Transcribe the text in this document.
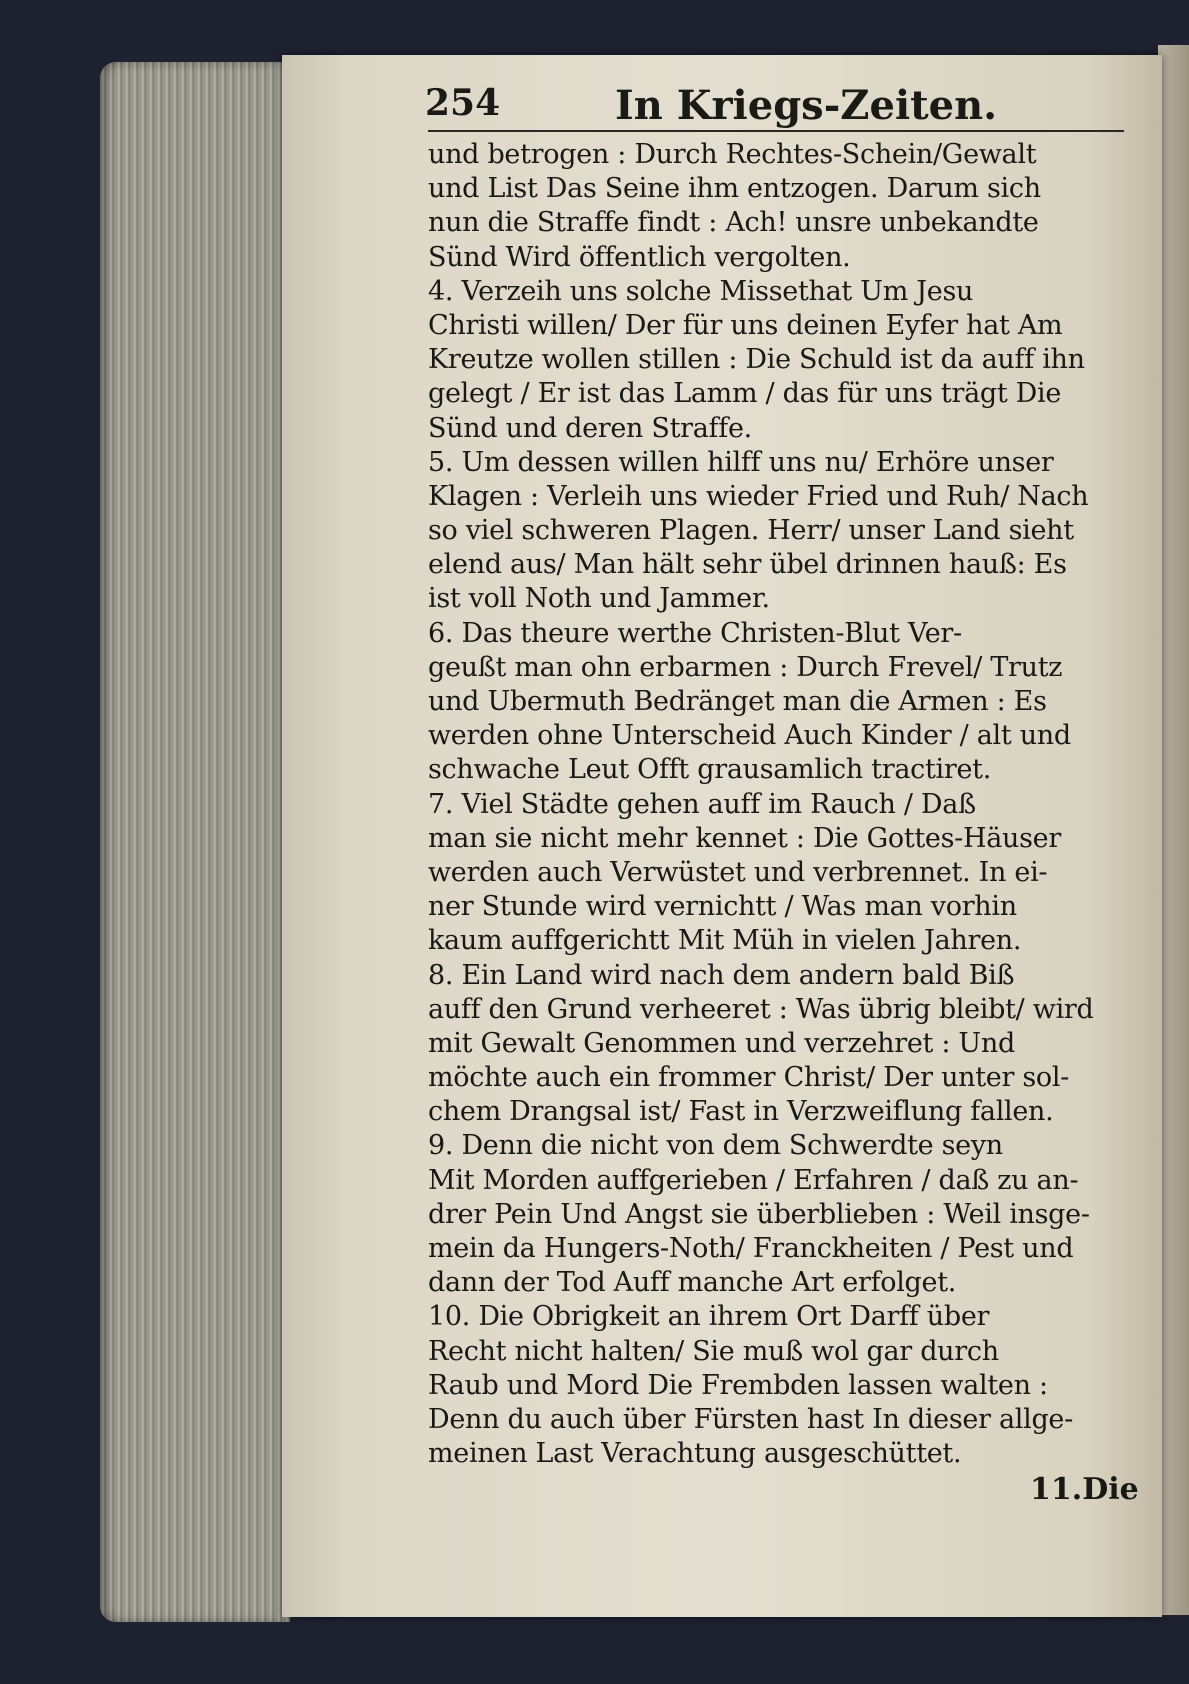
254	In Kriegs-Zeiten.
und betrogen : Durch Rechtes-Schein/Gewalt
und List Das Seine ihm entzogen. Darum sich
nun die Straffe findt : Ach! unsre unbekandte
Sünd Wird öffentlich vergolten.
4. Verzeih uns solche Missethat Um Jesu
Christi willen/ Der für uns deinen Eyfer hat Am
Kreutze wollen stillen : Die Schuld ist da auff ihn
gelegt / Er ist das Lamm / das für uns trägt Die
Sünd und deren Straffe.
5. Um dessen willen hilff uns nu/ Erhöre unser
Klagen : Verleih uns wieder Fried und Ruh/ Nach
so viel schweren Plagen. Herr/ unser Land sieht
elend aus/ Man hält sehr übel drinnen hauß: Es
ist voll Noth und Jammer.
6. Das theure werthe Christen-Blut Ver-
geußt man ohn erbarmen : Durch Frevel/ Trutz
und Ubermuth Bedränget man die Armen : Es
werden ohne Unterscheid Auch Kinder / alt und
schwache Leut Offt grausamlich tractiret.
7. Viel Städte gehen auff im Rauch / Daß
man sie nicht mehr kennet : Die Gottes-Häuser
werden auch Verwüstet und verbrennet. In ei-
ner Stunde wird vernichtt / Was man vorhin
kaum auffgerichtt Mit Müh in vielen Jahren.
8. Ein Land wird nach dem andern bald Biß
auff den Grund verheeret : Was übrig bleibt/ wird
mit Gewalt Genommen und verzehret : Und
möchte auch ein frommer Christ/ Der unter sol-
chem Drangsal ist/ Fast in Verzweiflung fallen.
9. Denn die nicht von dem Schwerdte seyn
Mit Morden auffgerieben / Erfahren / daß zu an-
drer Pein Und Angst sie überblieben : Weil insge-
mein da Hungers-Noth/ Franckheiten / Pest und
dann der Tod Auff manche Art erfolget.
10. Die Obrigkeit an ihrem Ort Darff über
Recht nicht halten/ Sie muß wol gar durch
Raub und Mord Die Frembden lassen walten :
Denn du auch über Fürsten hast In dieser allge-
meinen Last Verachtung ausgeschüttet.
11.Die
